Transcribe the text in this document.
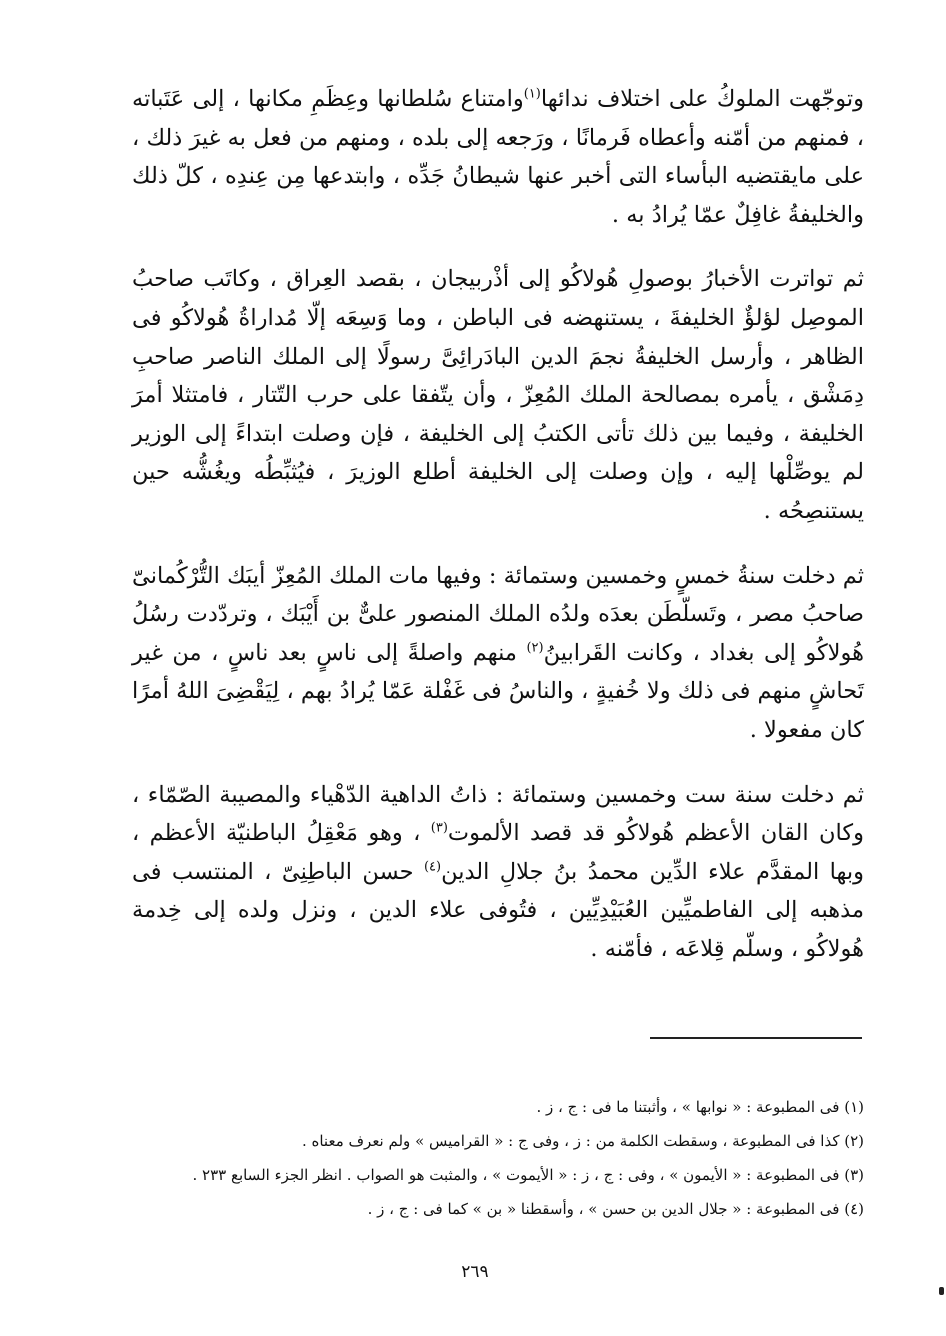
وتوجّهت الملوكُ على اختلاف ندائها$^{(١)}$وامتناع سُلطانها وعِظَمِ مكانها ، إلى عَتَباته ، فمنهم من أمّنه وأعطاه فَرمانًا ، ورَجعه إلى بلده ، ومنهم من فعل به غيرَ ذلك ، على مايقتضيه البأساء التى أخبر عنها شيطانُ جَدِّه ، وابتدعها مِن عِندِه ، كلّ ذلك والخليفةُ غافِلٌ عمّا يُرادُ به .

ثم تواترت الأخبارُ بوصولِ هُولاكُو إلى أذْربيجان ، بقصد العِراق ، وكاتَب صاحبُ الموصِل لؤلؤٌ الخليفةَ ، يستنهضه فى الباطن ، وما وَسِعَه إلّا مُداراةُ هُولاكُو فى الظاهر ، وأرسل الخليفةُ نجمَ الدين البادَرائِىَّ رسولًا إلى الملك الناصر صاحبِ دِمَشْق ، يأمره بمصالحة الملك المُعِزّ ، وأن يتّفقا على حرب التّتار ، فامتثلا أمرَ الخليفة ، وفيما بين ذلك تأتى الكتبُ إلى الخليفة ، فإن وصلت ابتداءً إلى الوزير لم يوصِّلْها إليه ، وإن وصلت إلى الخليفة أطلع الوزيرَ ، فيُثبِّطُه ويغُشُّه حين يستنصِحُه .

ثم دخلت سنةُ خمسٍ وخمسين وستمائة : وفيها مات الملك المُعِزّ أيبَك التُّرْكُمانىّ صاحبُ مصر ، وتَسلّطَن بعدَه ولدُه الملك المنصور علىٌّ بن أَيْبَك ، وتردّدت رسُلُ هُولاكُو إلى بغداد ، وكانت القَرابينُ$^{(٢)}$ منهم واصلةً إلى ناسٍ بعد ناسٍ ، من غير تَحاشٍ منهم فى ذلك ولا خُفيةٍ ، والناسُ فى غَفْلة عَمّا يُرادُ بهم ، لِيَقْضِىَ اللهُ أمرًا كان مفعولا .

ثم دخلت سنة ست وخمسين وستمائة : ذاتُ الداهية الدّهْياء والمصيبة الصّمّاء ، وكان القان الأعظم هُولاكُو قد قصد الألموت$^{(٣)}$ ، وهو مَعْقِلُ الباطنيّة الأعظم ، وبها المقدَّم علاء الدِّين محمدُ بنُ جلالِ الدين$^{(٤)}$ حسن الباطِنِىّ ، المنتسب فى مذهبه إلى الفاطميِّين العُبَيْدِيِّين ، فتُوفى علاء الدين ، ونزل ولده إلى خِدمة هُولاكُو ، وسلّم قِلاعَه ، فأمّنه .

(١) فى المطبوعة : « نوابها » ، وأثبتنا ما فى : ج ، ز .

(٢) كذا فى المطبوعة ، وسقطت الكلمة من : ز ، وفى ج : « القراميس » ولم نعرف معناه .

(٣) فى المطبوعة : « الأيمون » ، وفى : ج ، ز : « الأيموت » ، والمثبت هو الصواب . انظر الجزء السابع ٢٣٣ .

(٤) فى المطبوعة : « جلال الدين بن حسن » ، وأسقطنا « بن » كما فى : ج ، ز .

٢٦٩
